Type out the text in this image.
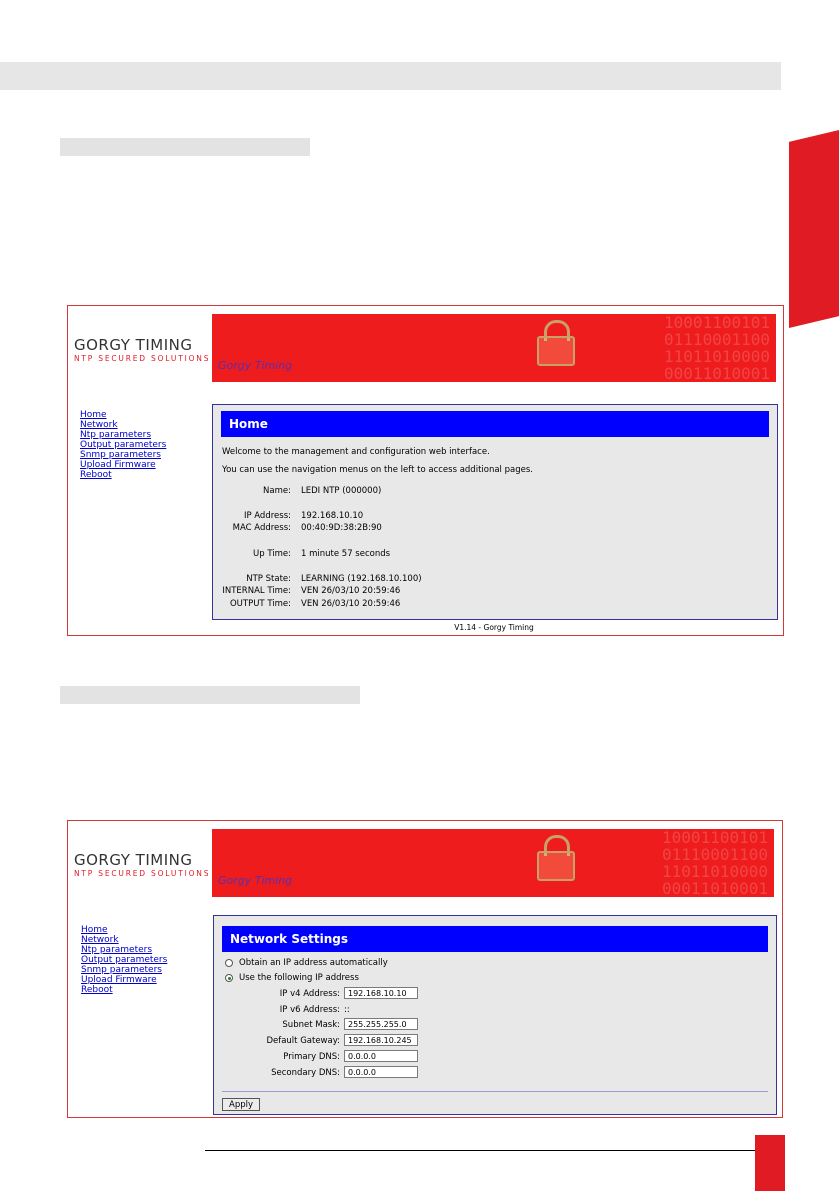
GORGY TIMING
NTP SECURED SOLUTIONS
10001100101
01110001100
11011010000
00011010001
Gorgy Timing
Home
Network
Ntp parameters
Output parameters
Snmp parameters
Upload Firmware
Reboot
Home
Welcome to the management and configuration web interface.
You can use the navigation menus on the left to access additional pages.
Name: LEDI NTP (000000)
IP Address: 192.168.10.10
MAC Address: 00:40:9D:38:2B:90
Up Time: 1 minute 57 seconds
NTP State: LEARNING (192.168.10.100)
INTERNAL Time: VEN 26/03/10 20:59:46
OUTPUT Time: VEN 26/03/10 20:59:46
V1.14 - Gorgy Timing
GORGY TIMING
NTP SECURED SOLUTIONS
10001100101
01110001100
11011010000
00011010001
Gorgy Timing
Home
Network
Ntp parameters
Output parameters
Snmp parameters
Upload Firmware
Reboot
Network Settings
Obtain an IP address automatically
Use the following IP address
IP v4 Address:	192.168.10.10
IP v6 Address: ::
Subnet Mask:	255.255.255.0
Default Gateway:	192.168.10.245
Primary DNS:	0.0.0.0
Secondary DNS:	0.0.0.0
Apply
